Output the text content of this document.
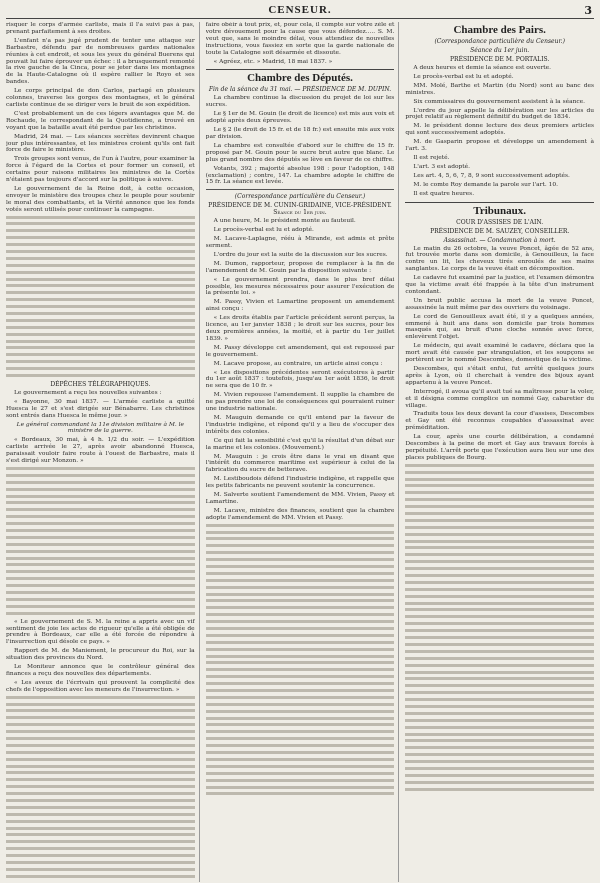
CENSEUR.	3

risquer le corps d'armée carliste, mais il l'a suivi pas à pas, prenant parfaitement à ses droites.

L'enfant n'a pas jugé prudent de tenter une attaque sur Barbastre, défendu par de nombreuses gardes nationales réunies à cet endroit, et sous les yeux du général Buerens qui pouvait lui faire éprouver un échec : il a brusquement remonté la rive gauche de la Cinca, pour se jeter dans les montagnes de la Haute-Catalogne où il espère rallier le Royo et ses bandes.

Le corps principal de don Carlos, partagé en plusieurs colonnes, traverse les gorges des montagnes, et le général carliste continue de se diriger vers le bruit de son expédition.

C'est probablement un de ces légers avantages que M. de Rochaude, le correspondant de la Quotidienne, a trouvé en voyant que la bataille avait été perdue par les christinos.

Madrid, 24 mai. — Les séances secrètes devinrent chaque jour plus intéressantes, et les ministres croient qu'ils ont fait force de faire le ministère.

Trois groupes sont venus, de l'un à l'autre, pour examiner la force à l'égard de la Cortes et pour former un conseil, et certains pour raisons militaires les ministres de la Cortès n'étaient pas toujours d'accord sur la politique à suivre.

Le gouvernement de la Reine doit, à cette occasion, envoyer le ministère des troupes chez le peuple pour soutenir le moral des combattants, et la Vérité annonce que les fonds votés seront utilisés pour continuer la campagne.

DÉPÊCHES TÉLÉGRAPHIQUES.

Le gouvernement a reçu les nouvelles suivantes :

« Bayonne, 30 mai 1837. — L'armée carliste a quitté Huesca le 27 et s'est dirigée sur Bénabarre. Les christinos sont entrés dans Huesca le même jour. »

Le général commandant la 11e division militaire à M. le ministre de la guerre.

« Bordeaux, 30 mai, à 4 h. 1/2 du soir. — L'expédition carliste arrivée le 27, après avoir abandonné Huesca, paraissait vouloir faire route à l'ouest de Barbastre, mais il s'est dirigé sur Monzon. »

« Le gouvernement de S. M. la reine a appris avec un vif sentiment de joie les actes de rigueur qu'elle a été obligée de prendre à Bordeaux, car elle a été forcée de répondre à l'insurrection qui désole ce pays. »

Rapport de M. de Maniement, le procureur du Roi, sur la situation des provinces du Nord.

Le Moniteur annonce que le contrôleur général des finances a reçu des nouvelles des départements.

« Les aveux de l'écrivain qui prouvent la complicité des chefs de l'opposition avec les meneurs de l'insurrection. »

faire obéir à tout prix, et, pour cela, il compte sur votre zèle et votre dévouement pour la cause que vous défendez..... S. M. veut que, sans le moindre délai, vous attendiez de nouvelles instructions, vous fassiez en sorte que la garde nationale de toute la Catalogne soit désarmée et dissoute.

« Agréez, etc. » Madrid, 18 mai 1837. »

Chambre des Députés.
Fin de la séance du 31 mai. — PRÉSIDENCE DE M. DUPIN.

La chambre continue la discussion du projet de loi sur les sucres.

Le § 1er de M. Gouin (le droit de licence) est mis aux voix et adopté après deux épreuves.

Le § 2 (le droit de 15 fr. et de 18 fr.) est ensuite mis aux voix par division.

La chambre est consultée d'abord sur le chiffre de 15 fr. proposé par M. Gouin pour le sucre brut autre que blanc. Le plus grand nombre des députés se lève en faveur de ce chiffre.

Votants, 392 ; majorité absolue 198 : pour l'adoption, 148 (exclamation) ; contre, 147. La chambre adopte le chiffre de 15 fr. La séance est levée.

(Correspondance particulière du Censeur.)
PRÉSIDENCE DE M. CUNIN-GRIDAINE, VICE-PRÉSIDENT. Séance du 1er juin.

A une heure, M. le président monte au fauteuil.

Le procès-verbal est lu et adopté.

M. Lacave-Laplagne, rééu à Mirande, est admis et prête serment.

L'ordre du jour est la suite de la discussion sur les sucres.

M. Dumon, rapporteur, propose de remplacer à la fin de l'amendement de M. Gouin par la disposition suivante :

« Le gouvernement prendra, dans le plus bref délai possible, les mesures nécessaires pour assurer l'exécution de la présente loi. »

M. Passy, Vivien et Lamartine proposent un amendement ainsi conçu :

« Les droits établis par l'article précédent seront perçus, la licence, au 1er janvier 1838 ; le droit sur les sucres, pour les deux premières années, la moitié, et à partir du 1er juillet 1839. »

M. Passy développe cet amendement, qui est repoussé par le gouvernement.

M. Lacave propose, au contraire, un article ainsi conçu :

« Les dispositions précédentes seront exécutoires à partir du 1er août 1837 : toutefois, jusqu'au 1er août 1836, le droit ne sera que de 10 fr. »

M. Vivien repousse l'amendement. Il supplie la chambre de ne pas prendre une loi de conséquences qui pourraient ruiner une industrie nationale.

M. Mauguin demande ce qu'il entend par la faveur de l'industrie indigène, et répond qu'il y a lieu de s'occuper des intérêts des colonies.

Ce qui fait la sensibilité c'est qu'il la résultat d'un débat sur la marine et les colonies. (Mouvement.)

M. Mauguin : je crois être dans le vrai en disant que l'intérêt du commerce maritime est supérieur à celui de la fabrication du sucre de betterave.

M. Lestiboudois défend l'industrie indigène, et rappelle que les petits fabricants ne peuvent soutenir la concurrence.

M. Salverte soutient l'amendement de MM. Vivien, Passy et Lamartine.

M. Lacave, ministre des finances, soutient que la chambre adopte l'amendement de MM. Vivien et Passy.

Chambre des Pairs.
(Correspondance particulière du Censeur.)
Séance du 1er juin.
PRÉSIDENCE DE M. PORTALIS.

A deux heures et demie la séance est ouverte.

Le procès-verbal est lu et adopté.

MM. Molé, Barthe et Martin (du Nord) sont au banc des ministres.

Six commissaires du gouvernement assistent à la séance.

L'ordre du jour appelle la délibération sur les articles du projet relatif au règlement définitif du budget de 1834.

M. le président donne lecture des deux premiers articles qui sont successivement adoptés.

M. de Gasparin propose et développe un amendement à l'art. 3.

Il est rejeté.

L'art. 3 est adopté.

Les art. 4, 5, 6, 7, 8, 9 sont successivement adoptés.

M. le comte Roy demande la parole sur l'art. 10.

Il est quatre heures.

Tribunaux.
COUR D'ASSISES DE L'AIN.
PRÉSIDENCE DE M. SAUZEY, CONSEILLER.
Assassinat. — Condamnation à mort.

Le matin du 26 octobre, la veuve Poncet, âgée de 52 ans, fut trouvée morte dans son domicile, à Genouilleux, la face contre un lit, les cheveux tirés enroulés de ses mains sanglantes. Le corps de la veuve était en décomposition.

Le cadavre fut examiné par la justice, et l'examen démontra que la victime avait été frappée à la tête d'un instrument contondant.

Un bruit public accusa la mort de la veuve Poncet, assassinée la nuit même par des ouvriers du voisinage.

Le cord de Genouilleux avait été, il y a quelques années, emmené à huit ans dans son domicile par trois hommes masqués qui, au bruit d'une cloche sonnée avec force, enlevèrent l'objet.

Le médecin, qui avait examiné le cadavre, déclara que la mort avait été causée par strangulation, et les soupçons se portèrent sur le nommé Descombes, domestique de la victime.

Descombes, qui s'était enfui, fut arrêté quelques jours après à Lyon, où il cherchait à vendre des bijoux ayant appartenu à la veuve Poncet.

Interrogé, il avoua qu'il avait tué sa maîtresse pour la voler, et il désigna comme complice un nommé Gay, cabaretier du village.

Traduits tous les deux devant la cour d'assises, Descombes et Gay ont été reconnus coupables d'assassinat avec préméditation.

La cour, après une courte délibération, a condamné Descombes à la peine de mort et Gay aux travaux forcés à perpétuité. L'arrêt porte que l'exécution aura lieu sur une des places publiques de Bourg.
